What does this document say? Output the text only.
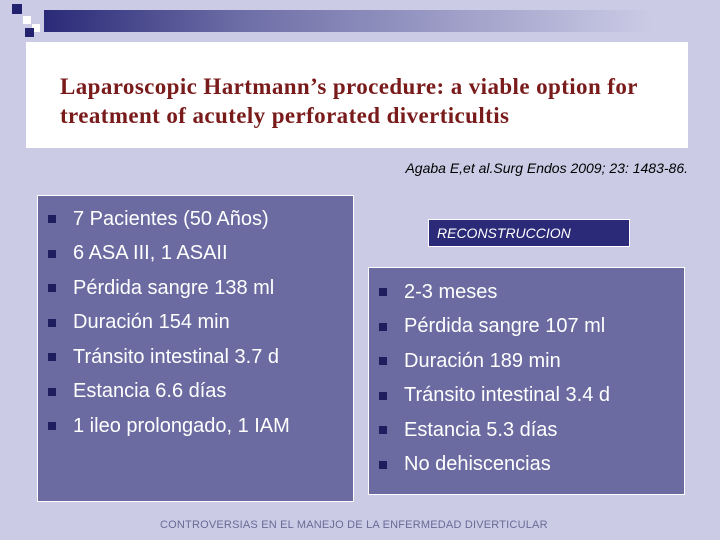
Laparoscopic Hartmann’s procedure: a viable option for treatment of acutely perforated diverticultis
Agaba E,et al.Surg Endos 2009; 23: 1483-86.
7 Pacientes (50 Años)
6 ASA III, 1 ASAII
Pérdida sangre 138 ml
Duración 154 min
Tránsito intestinal 3.7 d
Estancia 6.6 días
1 ileo prolongado, 1 IAM
RECONSTRUCCION
2-3 meses
Pérdida sangre 107 ml
Duración 189 min
Tránsito intestinal 3.4 d
Estancia 5.3 días
No dehiscencias
CONTROVERSIAS EN EL MANEJO DE LA ENFERMEDAD DIVERTICULAR
